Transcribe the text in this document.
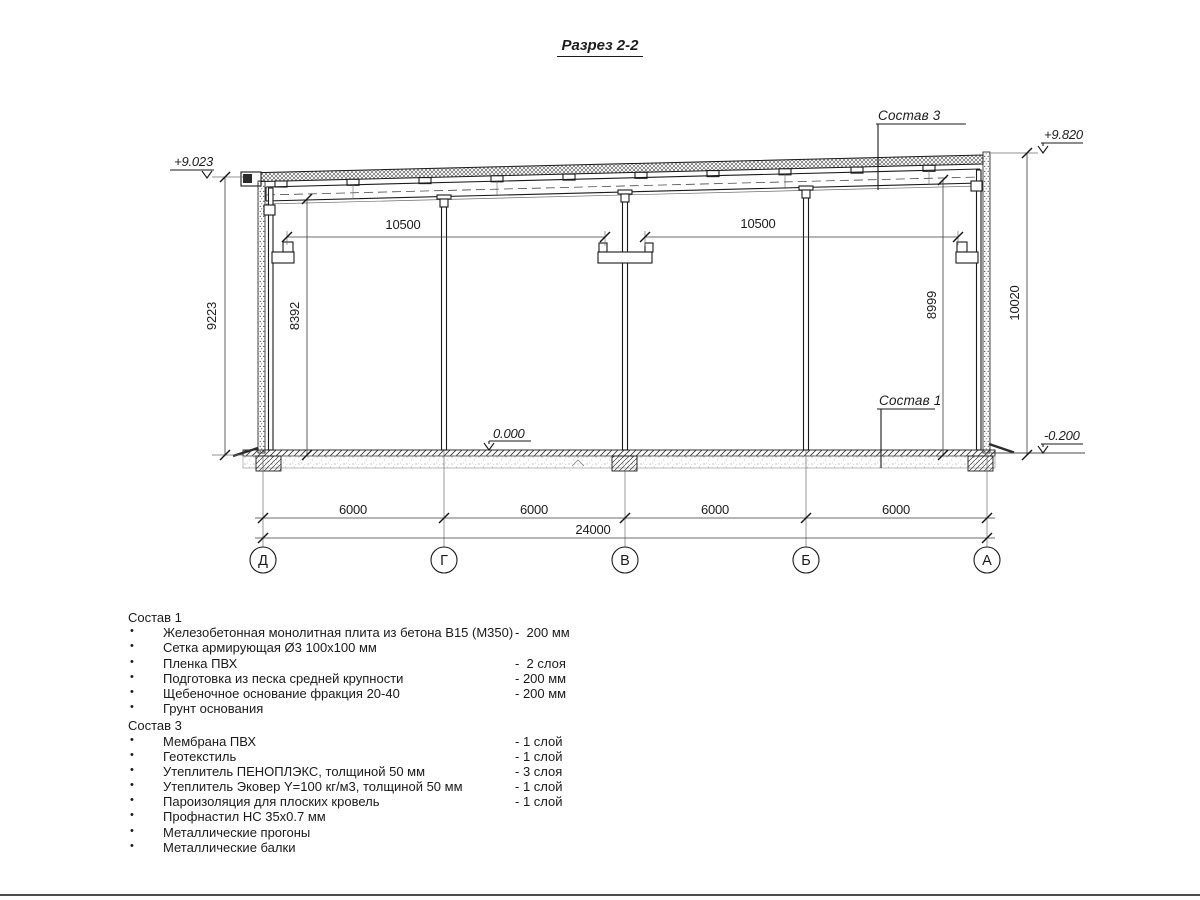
Разрез 2-2
Состав 3
Состав 1
+9.023
+9.820
0.000	-0.200
10500	10500
9223	8392	8999	10020
6000	6000	6000	6000
24000
Д	Г	В	Б	А
Состав 1
• Железобетонная монолитная плита из бетона В15 (М350) -  200 мм
• Сетка армирующая Ø3 100х100 мм
• Пленка ПВХ	-  2 слоя
• Подготовка из песка средней крупности	- 200 мм
• Щебеночное основание фракция 20-40	- 200 мм
• Грунт основания
Состав 3
• Мембрана ПВХ	- 1 слой
• Геотекстиль	- 1 слой
• Утеплитель ПЕНОПЛЭКС, толщиной 50 мм	- 3 слоя
• Утеплитель Эковер Y=100 кг/м3, толщиной 50 мм	- 1 слой
• Пароизоляция для плоских кровель	- 1 слой
• Профнастил НС 35х0.7 мм
• Металлические прогоны
• Металлические балки
